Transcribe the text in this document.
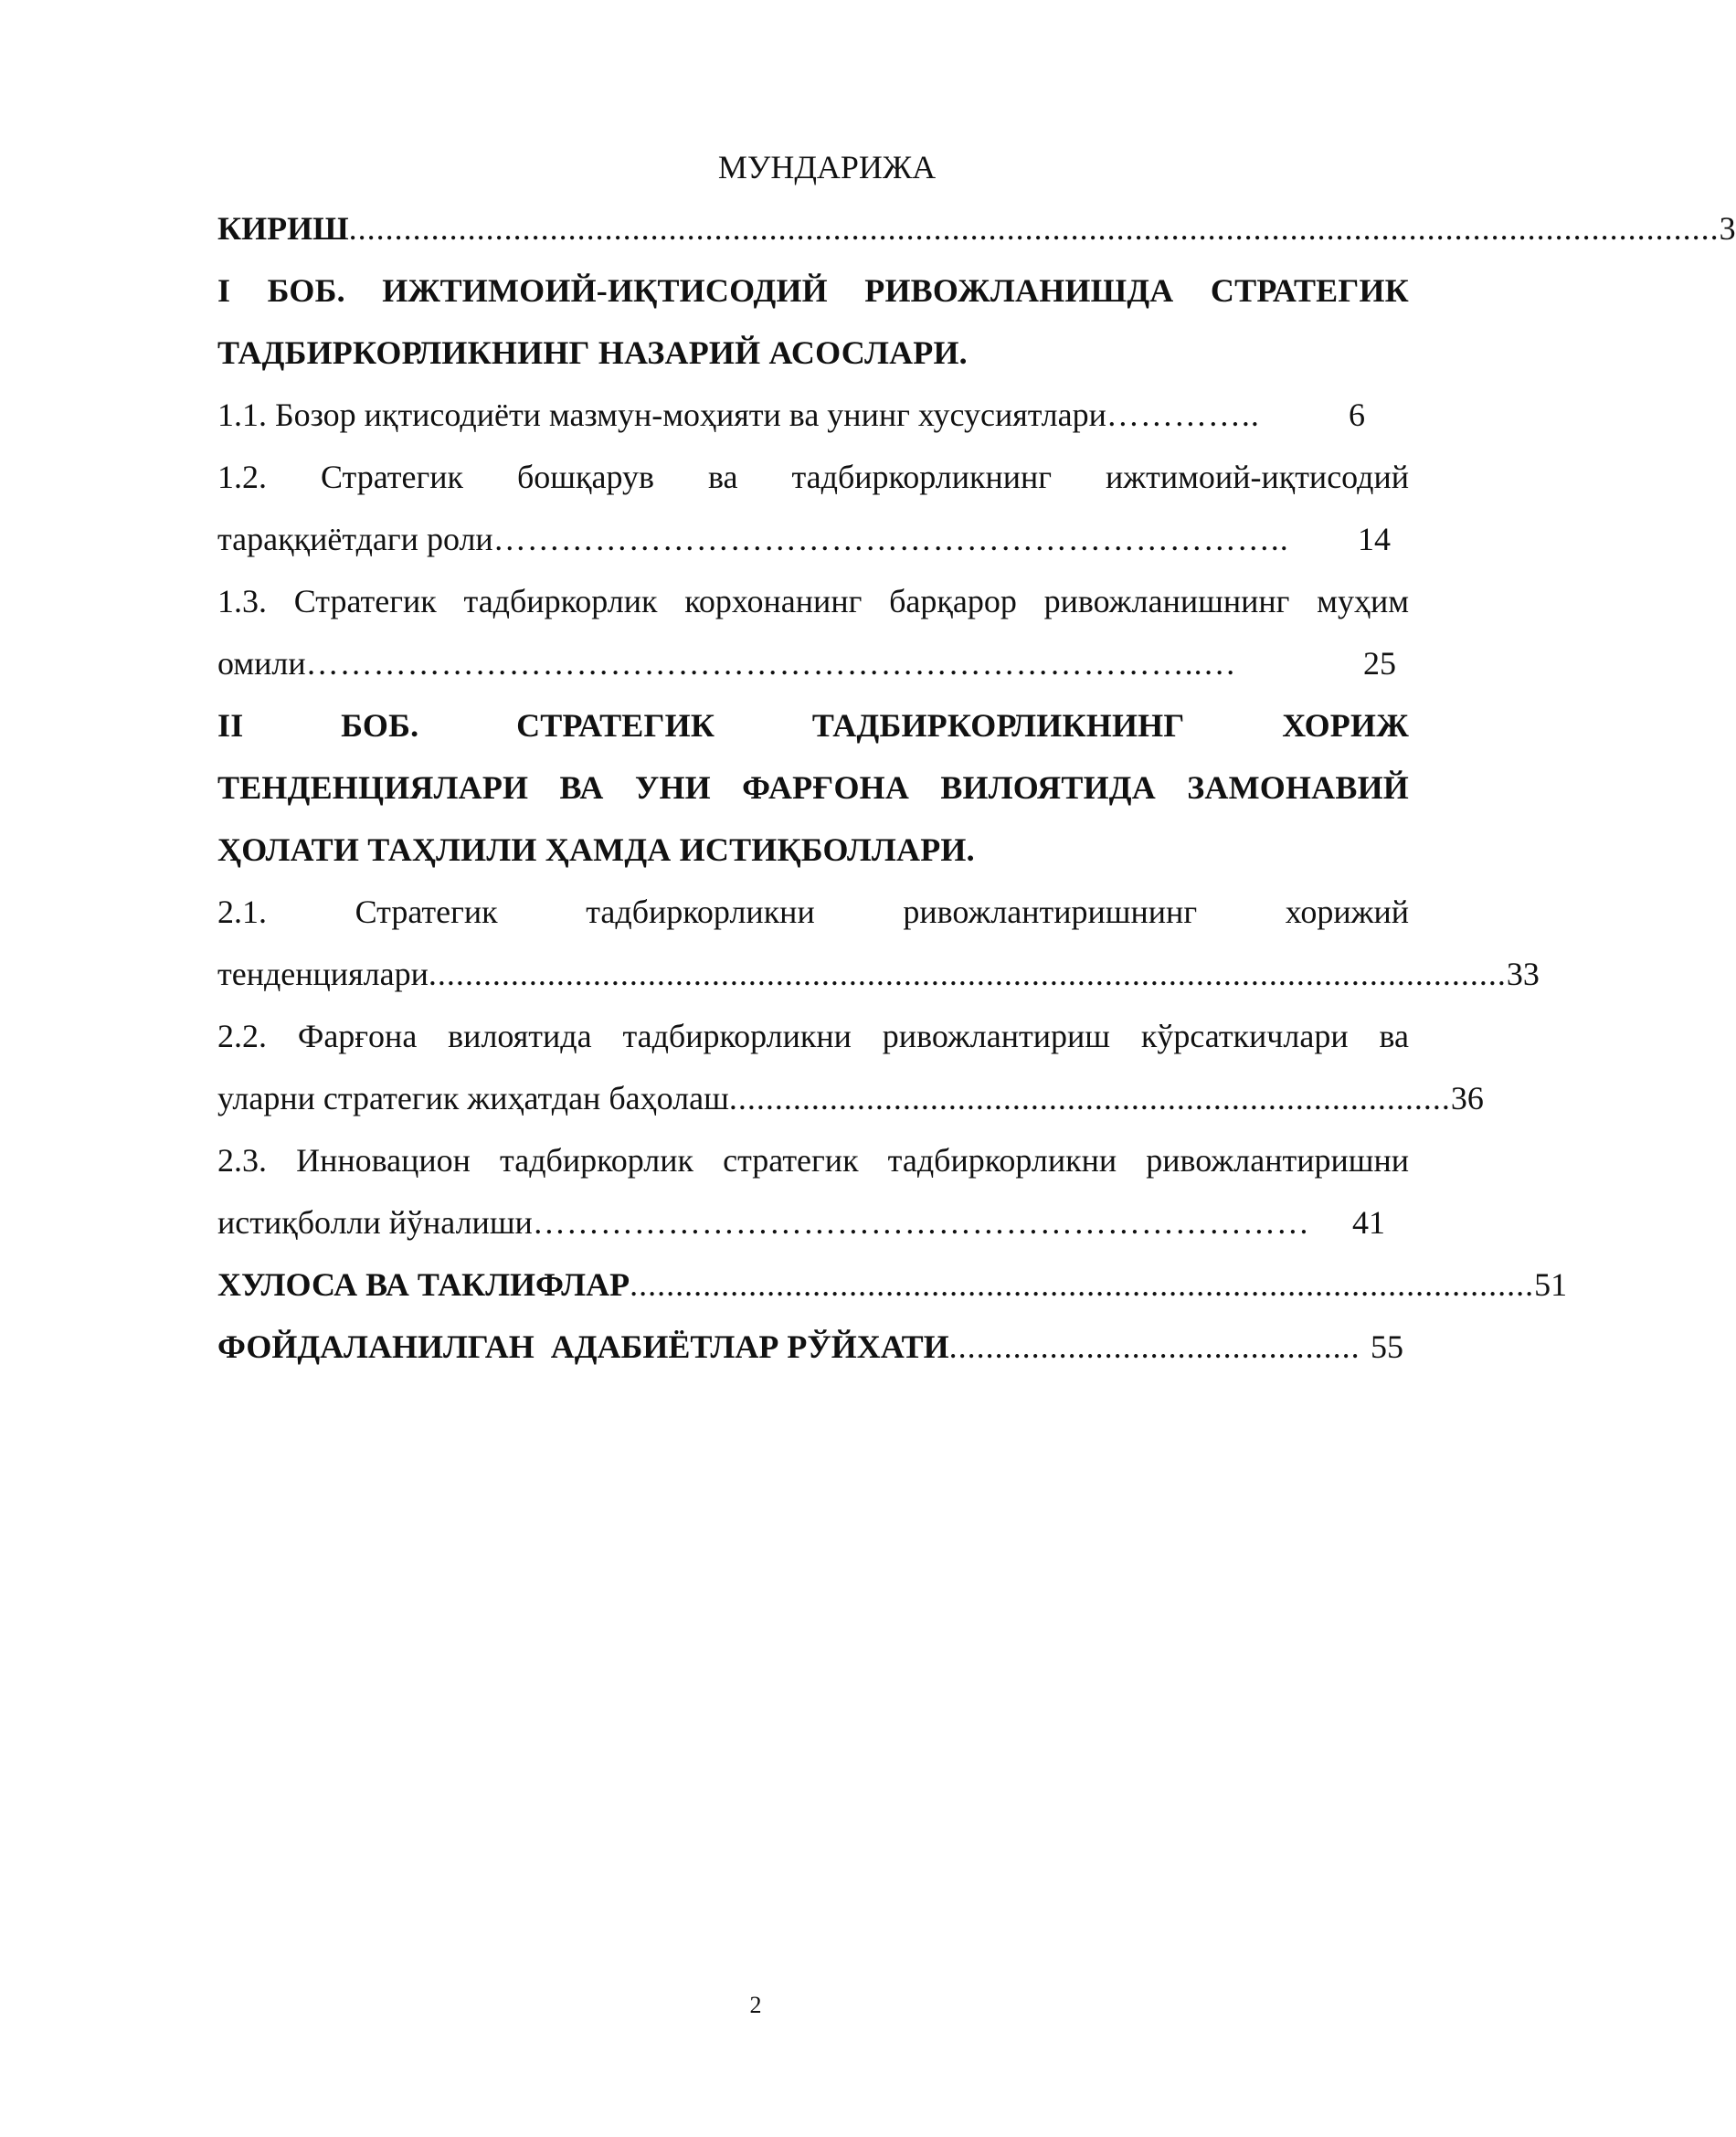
МУНДАРИЖА
КИРИШ ...................................................................................................................................................... 3
I БОБ. ИЖТИМОИЙ-ИҚТИСОДИЙ РИВОЖЛАНИШДА СТРАТЕГИК
ТАДБИРКОРЛИКНИНГ НАЗАРИЙ АСОСЛАРИ.
1.1. Бозор иқтисодиёти мазмун-моҳияти ва унинг хусусиятлари …………..	6
1.2. Стратегик бошқарув ва тадбиркорликнинг ижтимоий-иқтисодий
тараққиётдаги роли ……………………………………………………………..	14
1.3. Стратегик тадбиркорлик корхонанинг барқарор ривожланишнинг муҳим
омили ……………………………………………………………………..…	25
II БОБ. СТРАТЕГИК ТАДБИРКОРЛИКНИНГ ХОРИЖ
ТЕНДЕНЦИЯЛАРИ ВА УНИ ФАРҒОНА ВИЛОЯТИДА ЗАМОНАВИЙ
ҲОЛАТИ ТАҲЛИЛИ ҲАМДА ИСТИҚБОЛЛАРИ.
2.1. Стратегик тадбиркорликни ривожлантиришнинг хорижий
тенденциялари ...................................................................................................................... 33
2.2. Фарғона вилоятида тадбиркорликни ривожлантириш кўрсаткичлари ва
уларни стратегик жиҳатдан баҳолаш ............................................................................... 36
2.3. Инновацион тадбиркорлик стратегик тадбиркорликни ривожлантиришни
истиқболли йўналиши ……………………………………………………………	41
ХУЛОСА ВА ТАКЛИФЛАР ................................................................................................... 51
ФОЙДАЛАНИЛГАН  АДАБИЁТЛАР РЎЙХАТИ ............................................. 55
2
